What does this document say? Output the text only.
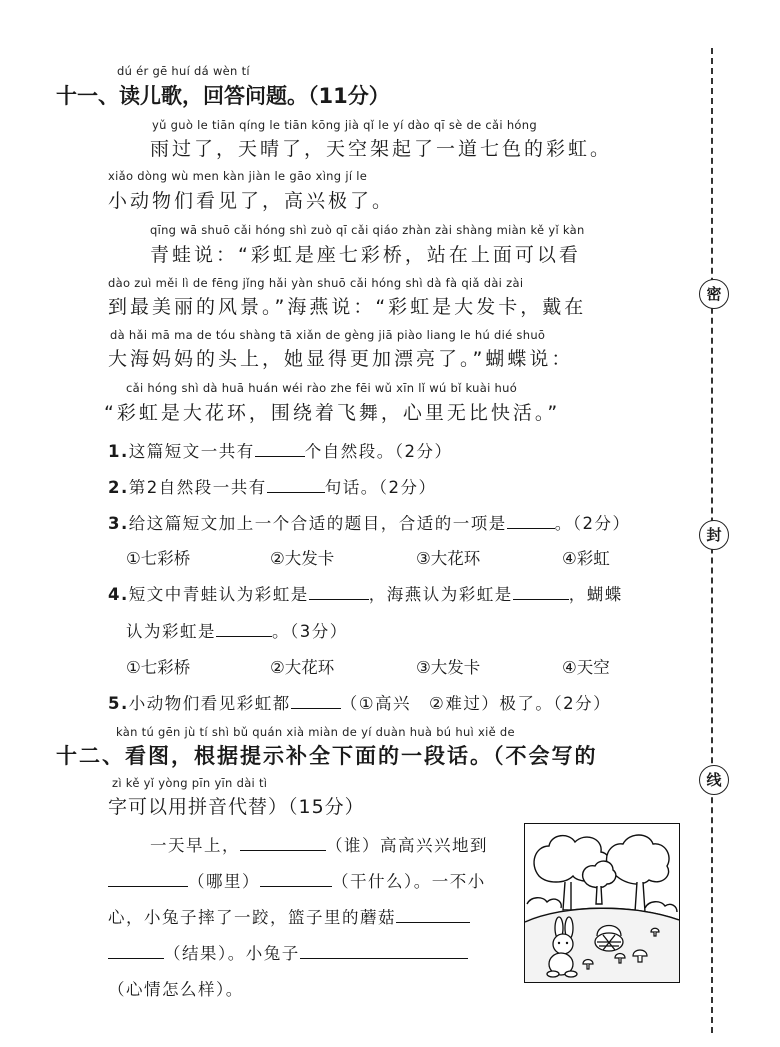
密
封
线
dú ér gē huí dá wèn tí
十一、读儿歌，回答问题。（11分）
yǔ guò le tiān qíng le tiān kōng jià qǐ le yí dào qī sè de cǎi hóng
雨过了，天晴了，天空架起了一道七色的彩虹。
xiǎo dòng wù men kàn jiàn le gāo xìng jí le
小动物们看见了，高兴极了。
qīng wā shuō cǎi hóng shì zuò qī cǎi qiáo zhàn zài shàng miàn kě yǐ kàn
青蛙说：“彩虹是座七彩桥，站在上面可以看
dào zuì měi lì de fēng jǐng hǎi yàn shuō cǎi hóng shì dà fà qiǎ dài zài
到最美丽的风景。”海燕说：“彩虹是大发卡，戴在
dà hǎi mā ma de tóu shàng tā xiǎn de gèng jiā piào liang le hú dié shuō
大海妈妈的头上，她显得更加漂亮了。”蝴蝶说：
cǎi hóng shì dà huā huán wéi rào zhe fēi wǔ xīn lǐ wú bǐ kuài huó
“彩虹是大花环，围绕着飞舞，心里无比快活。”
1.这篇短文一共有	个自然段。（2分）
2.第2自然段一共有	句话。（2分）
3.给这篇短文加上一个合适的题目，合适的一项是	。（2分）
①七彩桥	②大发卡	③大花环	④彩虹
4.短文中青蛙认为彩虹是	，海燕认为彩虹是	，蝴蝶
认为彩虹是	。（3分）
①七彩桥	②大花环	③大发卡	④天空
5.小动物们看见彩虹都	（①高兴　②难过）极了。（2分）
kàn tú gēn jù tí shì bǔ quán xià miàn de yí duàn huà bú huì xiě de
十二、看图，根据提示补全下面的一段话。（不会写的
zì kě yǐ yòng pīn yīn dài tì
字可以用拼音代替）（15分）
一天早上，	（谁）高高兴兴地到
（哪里）	（干什么）。一不小
心，小兔子摔了一跤，篮子里的蘑菇
（结果）。小兔子
（心情怎么样）。
